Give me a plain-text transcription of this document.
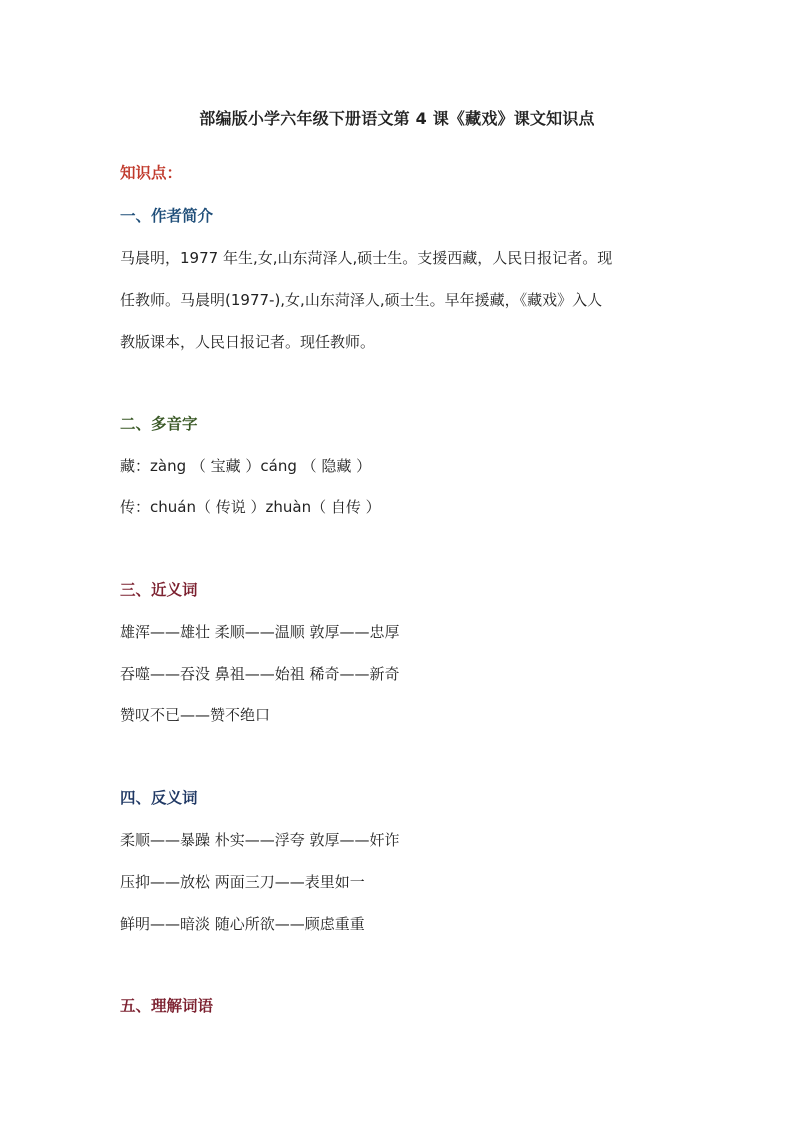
部编版小学六年级下册语文第 4 课《藏戏》课文知识点
知识点：
一、作者简介
马晨明，1977 年生,女,山东菏泽人,硕士生。支援西藏，人民日报记者。现
任教师。马晨明(1977-),女,山东菏泽人,硕士生。早年援藏，《藏戏》入人
教版课本，人民日报记者。现任教师。
二、多音字
藏：zàng （ 宝藏 ）cáng （ 隐藏 ）
传：chuán（ 传说 ）zhuàn（ 自传 ）
三、近义词
雄浑——雄壮 柔顺——温顺 敦厚——忠厚
吞噬——吞没 鼻祖——始祖 稀奇——新奇
赞叹不已——赞不绝口
四、反义词
柔顺——暴躁 朴实——浮夸 敦厚——奸诈
压抑——放松 两面三刀——表里如一
鲜明——暗淡 随心所欲——顾虑重重
五、理解词语
